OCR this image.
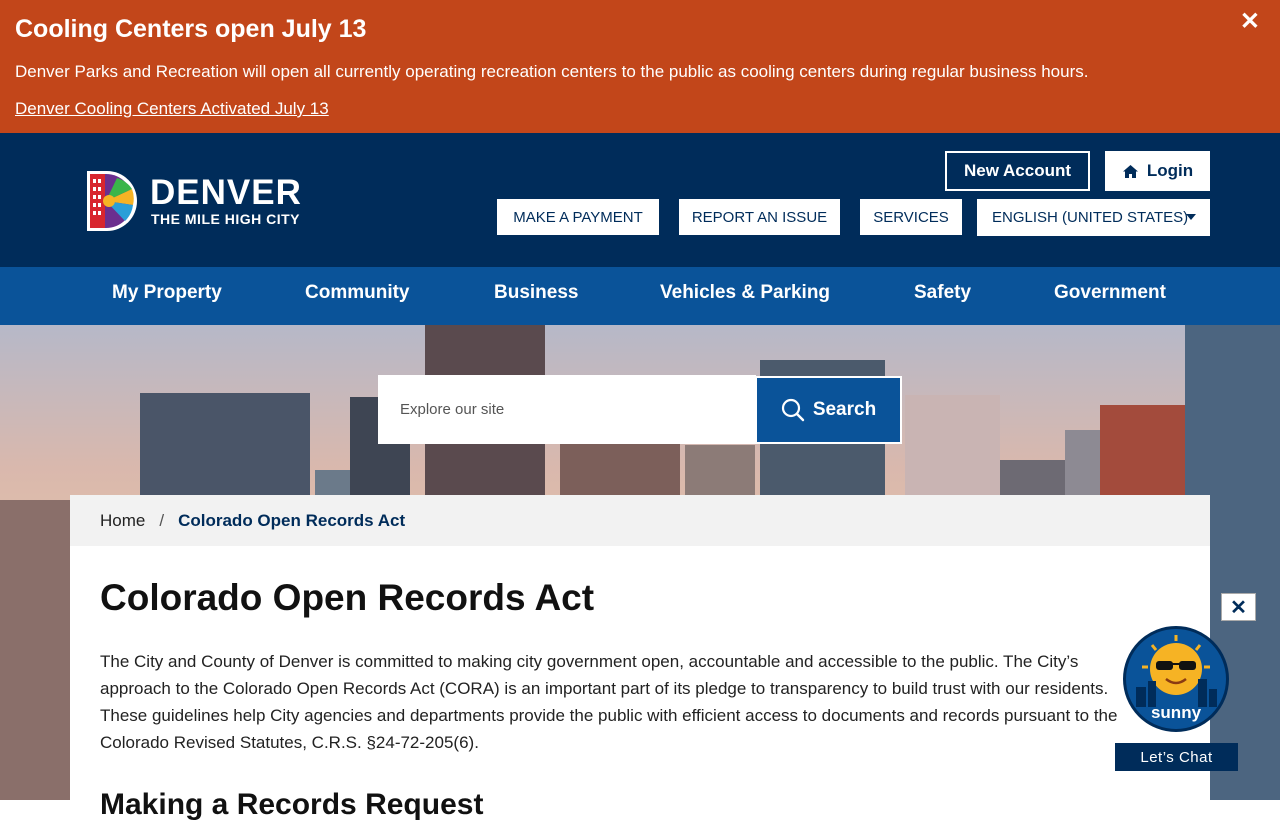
Cooling Centers open July 13

Denver Parks and Recreation will open all currently operating recreation centers to the public as cooling centers during regular business hours.

Denver Cooling Centers Activated July 13
✕
DENVER
THE MILE HIGH CITY
New Account	Login
MAKE A PAYMENT	REPORT AN ISSUE	SERVICES	ENGLISH (UNITED STATES)
My Property	Community	Business	Vehicles & Parking	Safety	Government
Explore our site
Search
Home / Colorado Open Records Act
Colorado Open Records Act

The City and County of Denver is committed to making city government open, accountable and accessible to the public. The City’s approach to the Colorado Open Records Act (CORA) is an important part of its pledge to transparency to build trust with our residents. These guidelines help City agencies and departments provide the public with efficient access to documents and records pursuant to the Colorado Revised Statutes, C.R.S. §24-72-205(6).

Making a Records Request
✕
sunny
Let’s Chat
